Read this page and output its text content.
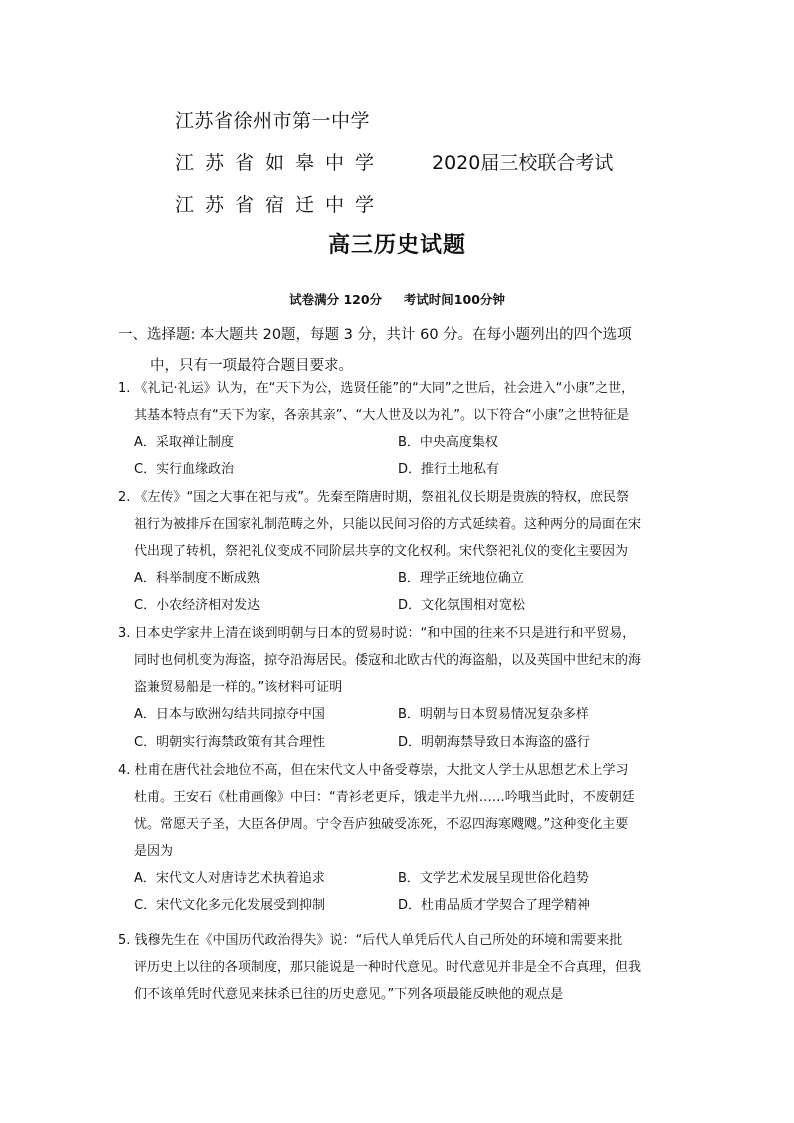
江苏省徐州市第一中学
江苏省如皋中学 2020届三校联合考试
江苏省宿迁中学
高三历史试题
试卷满分 120分     考试时间100分钟
一、选择题: 本大题共 20题，每题 3 分，共计 60 分。在每小题列出的四个选项
中，只有一项最符合题目要求。
1. 《礼记·礼运》认为，在“天下为公，选贤任能”的“大同”之世后，社会进入“小康”之世，
其基本特点有“天下为家，各亲其亲”、“大人世及以为礼”。以下符合“小康”之世特征是
A．采取禅让制度	B．中央高度集权
C．实行血缘政治	D．推行土地私有
2. 《左传》“国之大事在祀与戎”。先秦至隋唐时期，祭祖礼仪长期是贵族的特权，庶民祭
祖行为被排斥在国家礼制范畴之外，只能以民间习俗的方式延续着。这种两分的局面在宋
代出现了转机，祭祀礼仪变成不同阶层共享的文化权利。宋代祭祀礼仪的变化主要因为
A．科举制度不断成熟	B．理学正统地位确立
C．小农经济相对发达	D．文化氛围相对宽松
3. 日本史学家井上清在谈到明朝与日本的贸易时说：“和中国的往来不只是进行和平贸易，
同时也伺机变为海盗，掠夺沿海居民。倭寇和北欧古代的海盗船，以及英国中世纪末的海
盗兼贸易船是一样的。”该材料可证明
A．日本与欧洲勾结共同掠夺中国	B．明朝与日本贸易情况复杂多样
C．明朝实行海禁政策有其合理性	D．明朝海禁导致日本海盗的盛行
4. 杜甫在唐代社会地位不高，但在宋代文人中备受尊崇，大批文人学士从思想艺术上学习
杜甫。王安石《杜甫画像》中曰：“青衫老更斥，饿走半九州……吟哦当此时，不废朝廷
忧。常愿天子圣，大臣各伊周。宁令吾庐独破受冻死，不忍四海寒飕飕。”这种变化主要
是因为
A．宋代文人对唐诗艺术执着追求	B．文学艺术发展呈现世俗化趋势
C．宋代文化多元化发展受到抑制	D．杜甫品质才学契合了理学精神
5. 钱穆先生在《中国历代政治得失》说：“后代人单凭后代人自己所处的环境和需要来批
评历史上以往的各项制度，那只能说是一种时代意见。时代意见并非是全不合真理，但我
们不该单凭时代意见来抹杀已往的历史意见。”下列各项最能反映他的观点是
